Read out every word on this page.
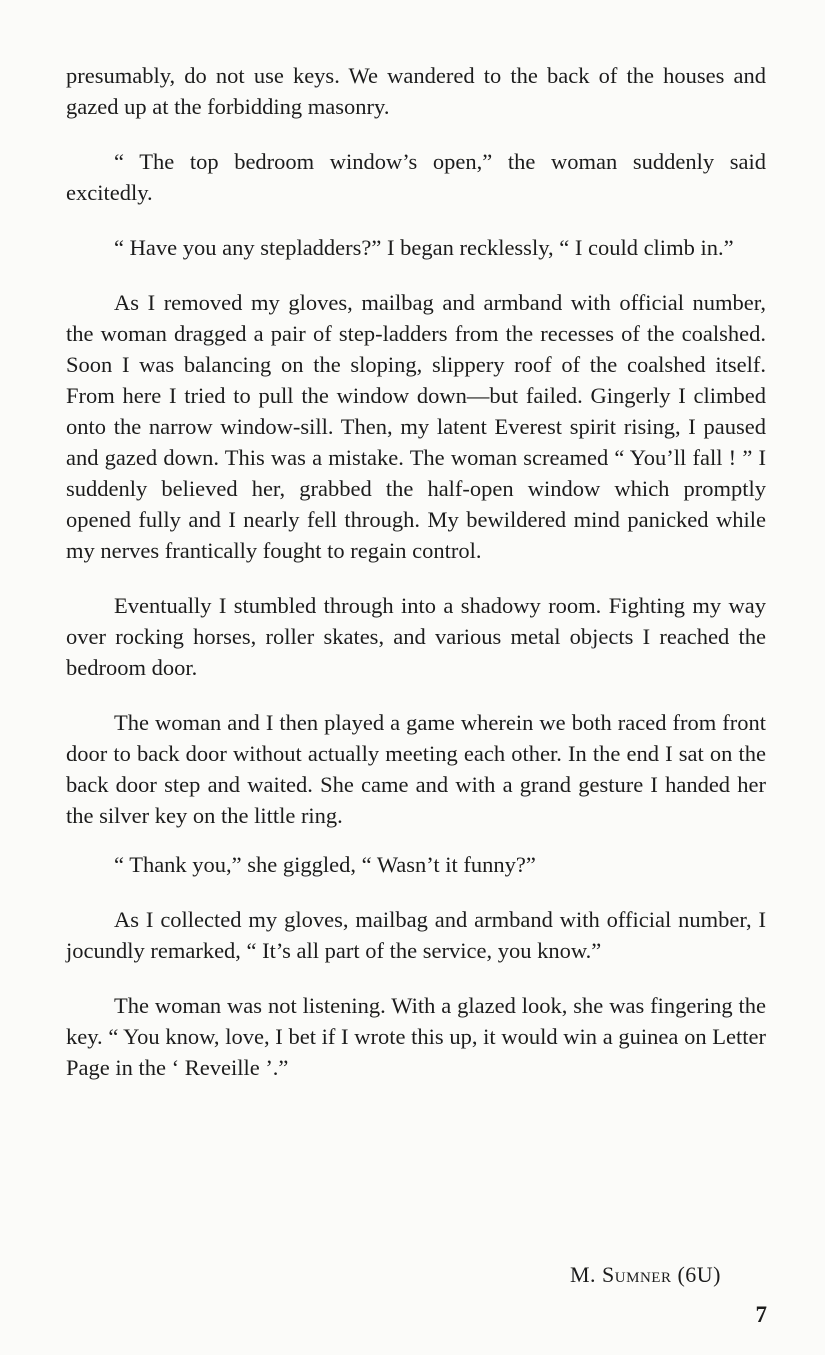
presumably, do not use keys. We wandered to the back of the houses and gazed up at the forbidding masonry.

“ The top bedroom window’s open,” the woman suddenly said excitedly.

“ Have you any stepladders?” I began recklessly, “ I could climb in.”

As I removed my gloves, mailbag and armband with official number, the woman dragged a pair of step-ladders from the recesses of the coalshed. Soon I was balancing on the sloping, slippery roof of the coalshed itself. From here I tried to pull the window down—but failed. Gingerly I climbed onto the narrow window-sill. Then, my latent Everest spirit rising, I paused and gazed down. This was a mistake. The woman screamed “ You’ll fall ! ” I suddenly believed her, grabbed the half-open window which promptly opened fully and I nearly fell through. My bewildered mind panicked while my nerves frantically fought to regain control.

Eventually I stumbled through into a shadowy room. Fighting my way over rocking horses, roller skates, and various metal objects I reached the bedroom door.

The woman and I then played a game wherein we both raced from front door to back door without actually meeting each other. In the end I sat on the back door step and waited. She came and with a grand gesture I handed her the silver key on the little ring.

“ Thank you,” she giggled, “ Wasn’t it funny?”

As I collected my gloves, mailbag and armband with official number, I jocundly remarked, “ It’s all part of the service, you know.”

The woman was not listening. With a glazed look, she was fingering the key. “ You know, love, I bet if I wrote this up, it would win a guinea on Letter Page in the ‘ Reveille ’.”

M. Sumner (6U)
7
